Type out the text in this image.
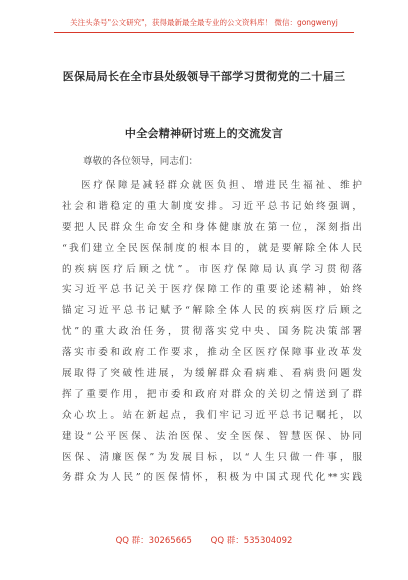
关注头条号"公文研究"，获得最新最全最专业的公文资料库！ 微信：gongwenyj
医保局局长在全市县处级领导干部学习贯彻党的二十届三
中全会精神研讨班上的交流发言
尊敬的各位领导，同志们：
医疗保障是减轻群众就医负担、增进民生福祉、维护
社会和谐稳定的重大制度安排。习近平总书记始终强调，
要把人民群众生命安全和身体健康放在第一位，深刻指出
“我们建立全民医保制度的根本目的，就是要解除全体人民
的疾病医疗后顾之忧”。市医疗保障局认真学习贯彻落
实习近平总书记关于医疗保障工作的重要论述精神，始终
锚定习近平总书记赋予“解除全体人民的疾病医疗后顾之
忧”的重大政治任务，贯彻落实党中央、国务院决策部署
落实市委和政府工作要求，推动全区医疗保障事业改革发
展取得了突破性进展，为缓解群众看病难、看病贵问题发
挥了重要作用，把市委和政府对群众的关切之情送到了群
众心坎上。站在新起点，我们牢记习近平总书记嘱托，以
建设“公平医保、法治医保、安全医保、智慧医保、协同
医保、清廉医保”为发展目标，以“人生只做一件事，服
务群众为人民”的医保情怀，积极为中国式现代化**实践
QQ 群：30265665 QQ 群：535304092
